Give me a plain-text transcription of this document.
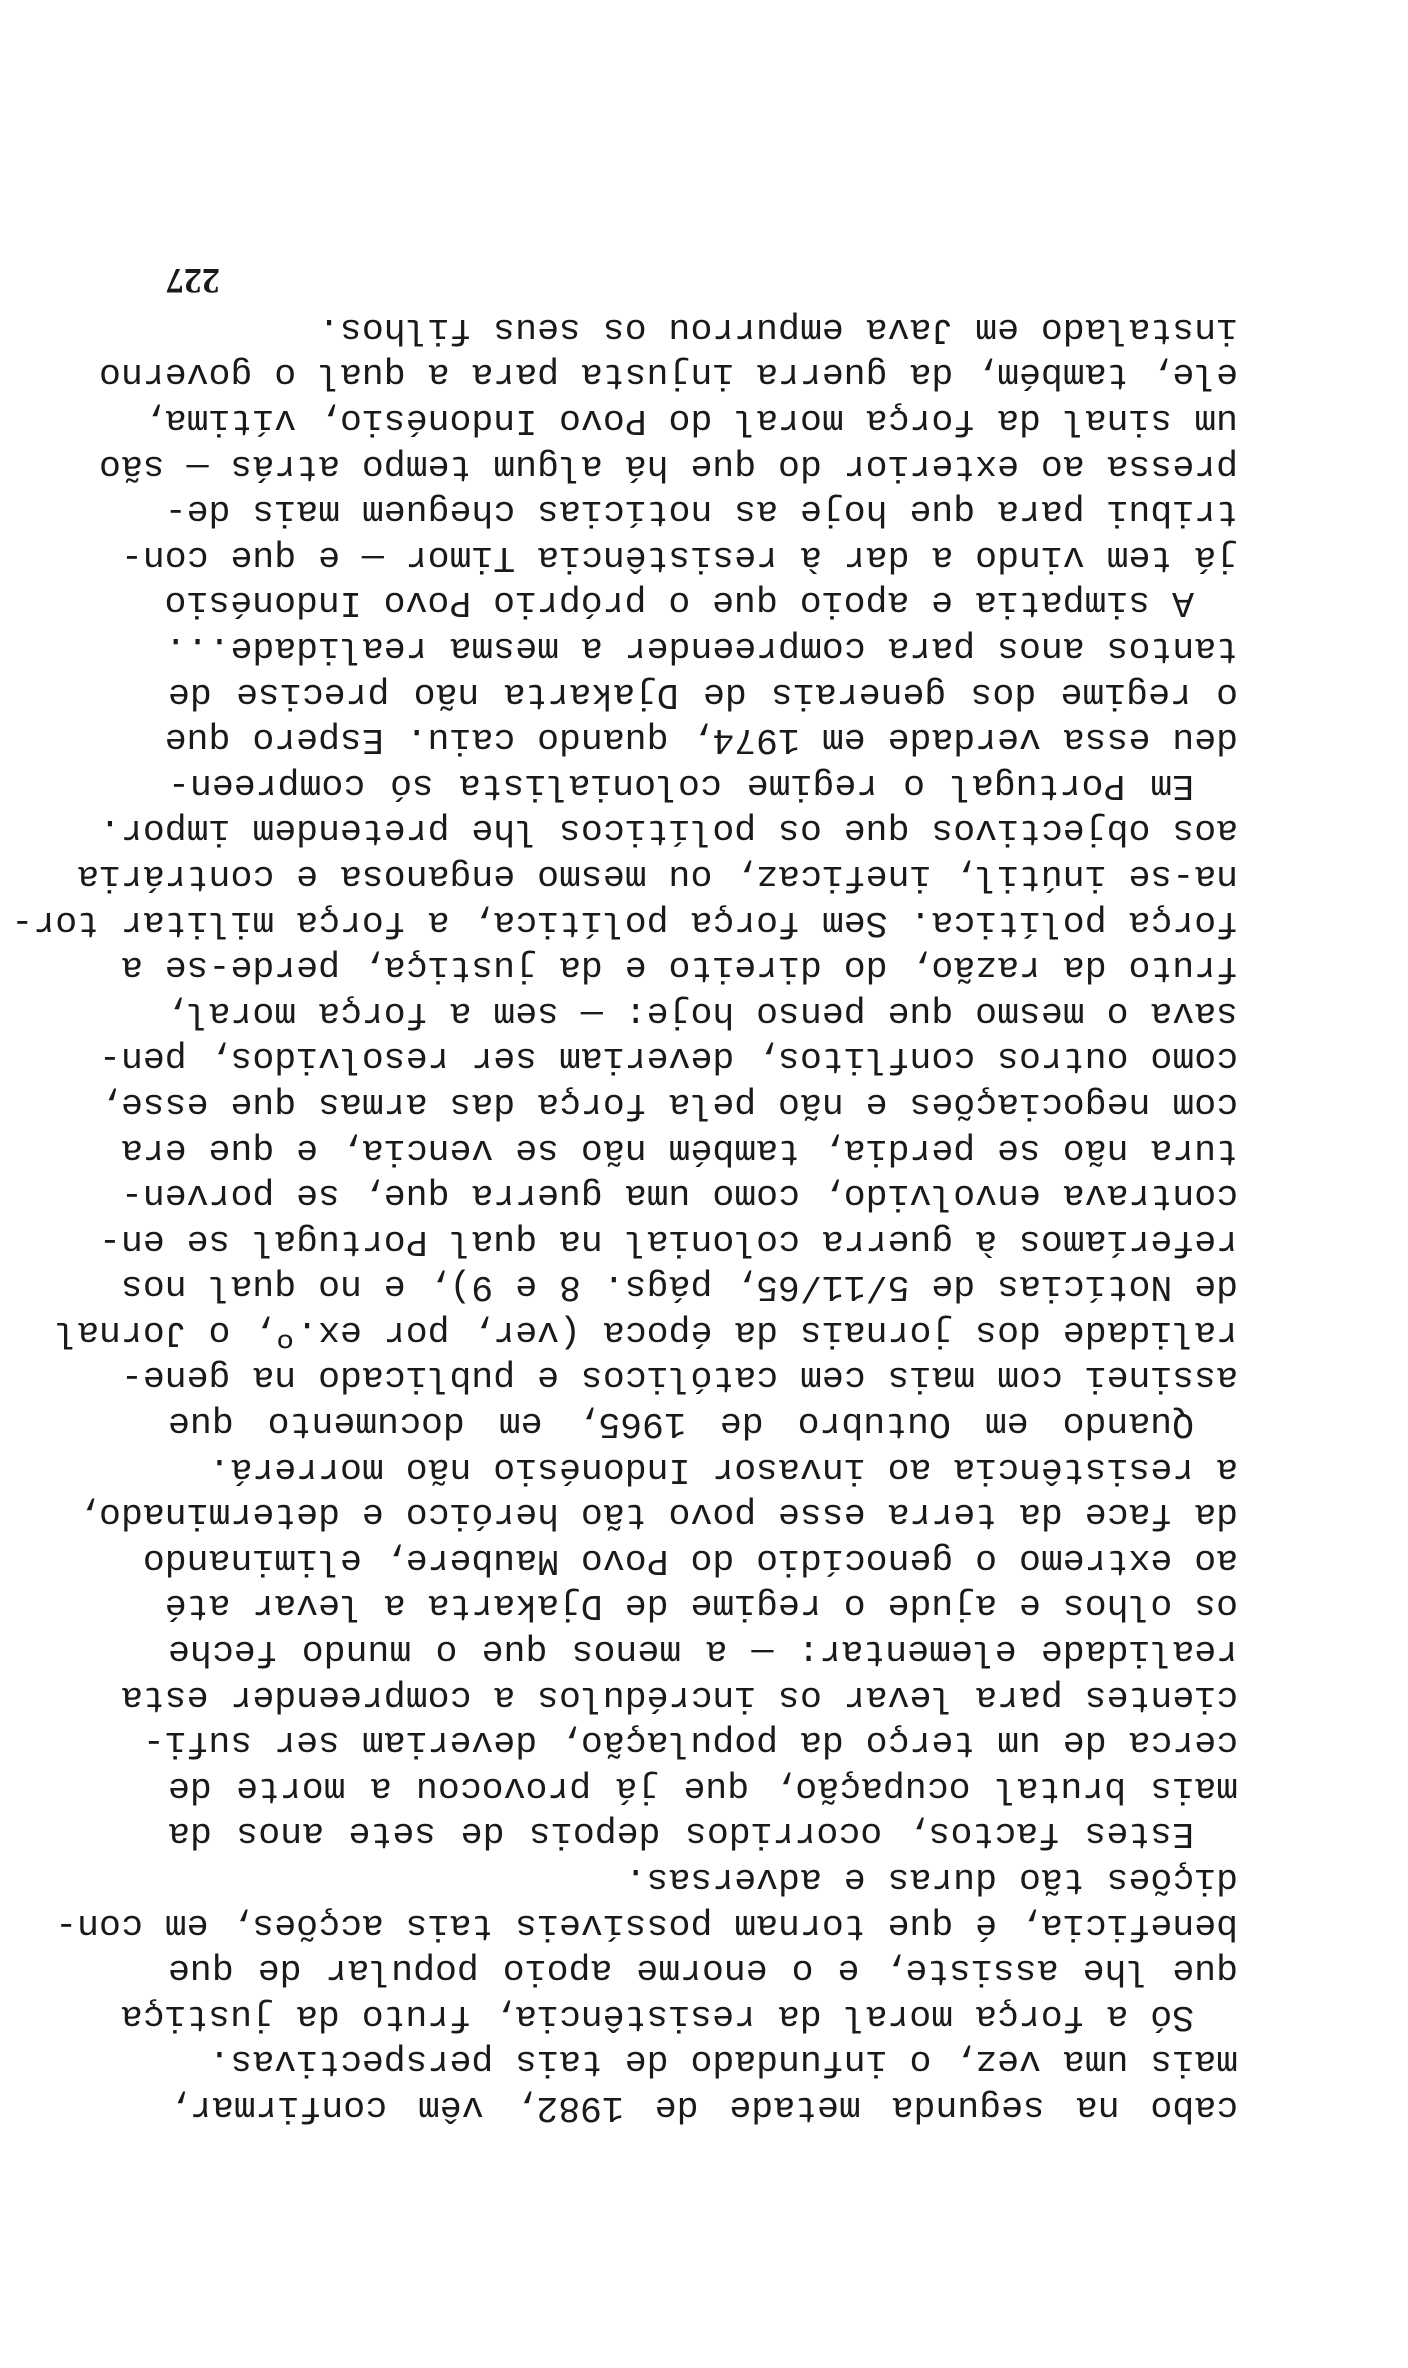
cabo na segunda metade de 1982, vêm confirmar,
mais uma vez, o infundado de tais perspectivas.
Só a força moral da resistência, fruto da justiça
que lhe assiste, e o enorme apoio popular de que
beneficia, é que tornam possíveis tais acções, em con-
dições tão duras e adversas.
Estes factos, ocorridos depois de sete anos da
mais brutal ocupação, que já provocou a morte de
cerca de um terço da população, deveriam ser sufi-
cientes para levar os incrédulos a compreender esta
realidade elementar: — a menos que o mundo feche
os olhos e ajude o regime de Djakarta a levar até
ao extremo o genocídio do Povo Maubere, eliminando
da face da terra esse povo tão heróico e determinado,
a resistência ao invasor Indonésio não morrerá.
Quando em Outubro de 1965, em documento que
assinei com mais cem católicos e publicado na gene-
ralidade dos jornais da época (ver, por ex.º, o Jornal
de Notícias de 5/11/65, págs. 8 e 9), e no qual nos
referíamos à guerra colonial na qual Portugal se en-
contrava envolvido, como uma guerra que, se porven-
tura não se perdia, também não se vencia, e que era
com negociações e não pela força das armas que esse,
como outros conflitos, deveriam ser resolvidos, pen-
sava o mesmo que penso hoje: — sem a força moral,
fruto da razão, do direito e da justiça, perde-se a
força política. Sem força política, a força militar tor-
na-se inútil, ineficaz, ou mesmo enganosa e contrária
aos objectivos que os políticos lhe pretendem impor.
Em Portugal o regime colonialista só compreen-
deu essa verdade em 1974, quando caiu. Espero que
o regime dos generais de Djakarta não precise de
tantos anos para compreender a mesma realidade...
A simpatia e apoio que o próprio Povo Indonésio
já tem vindo a dar à resistência Timor — e que con-
tribui para que hoje as notícias cheguem mais de-
pressa ao exterior do que há algum tempo atrás — são
um sinal da força moral do Povo Indonésio, vítima,
ele, também, da guerra injusta para a qual o governo
instalado em Java empurrou os seus filhos.
227
